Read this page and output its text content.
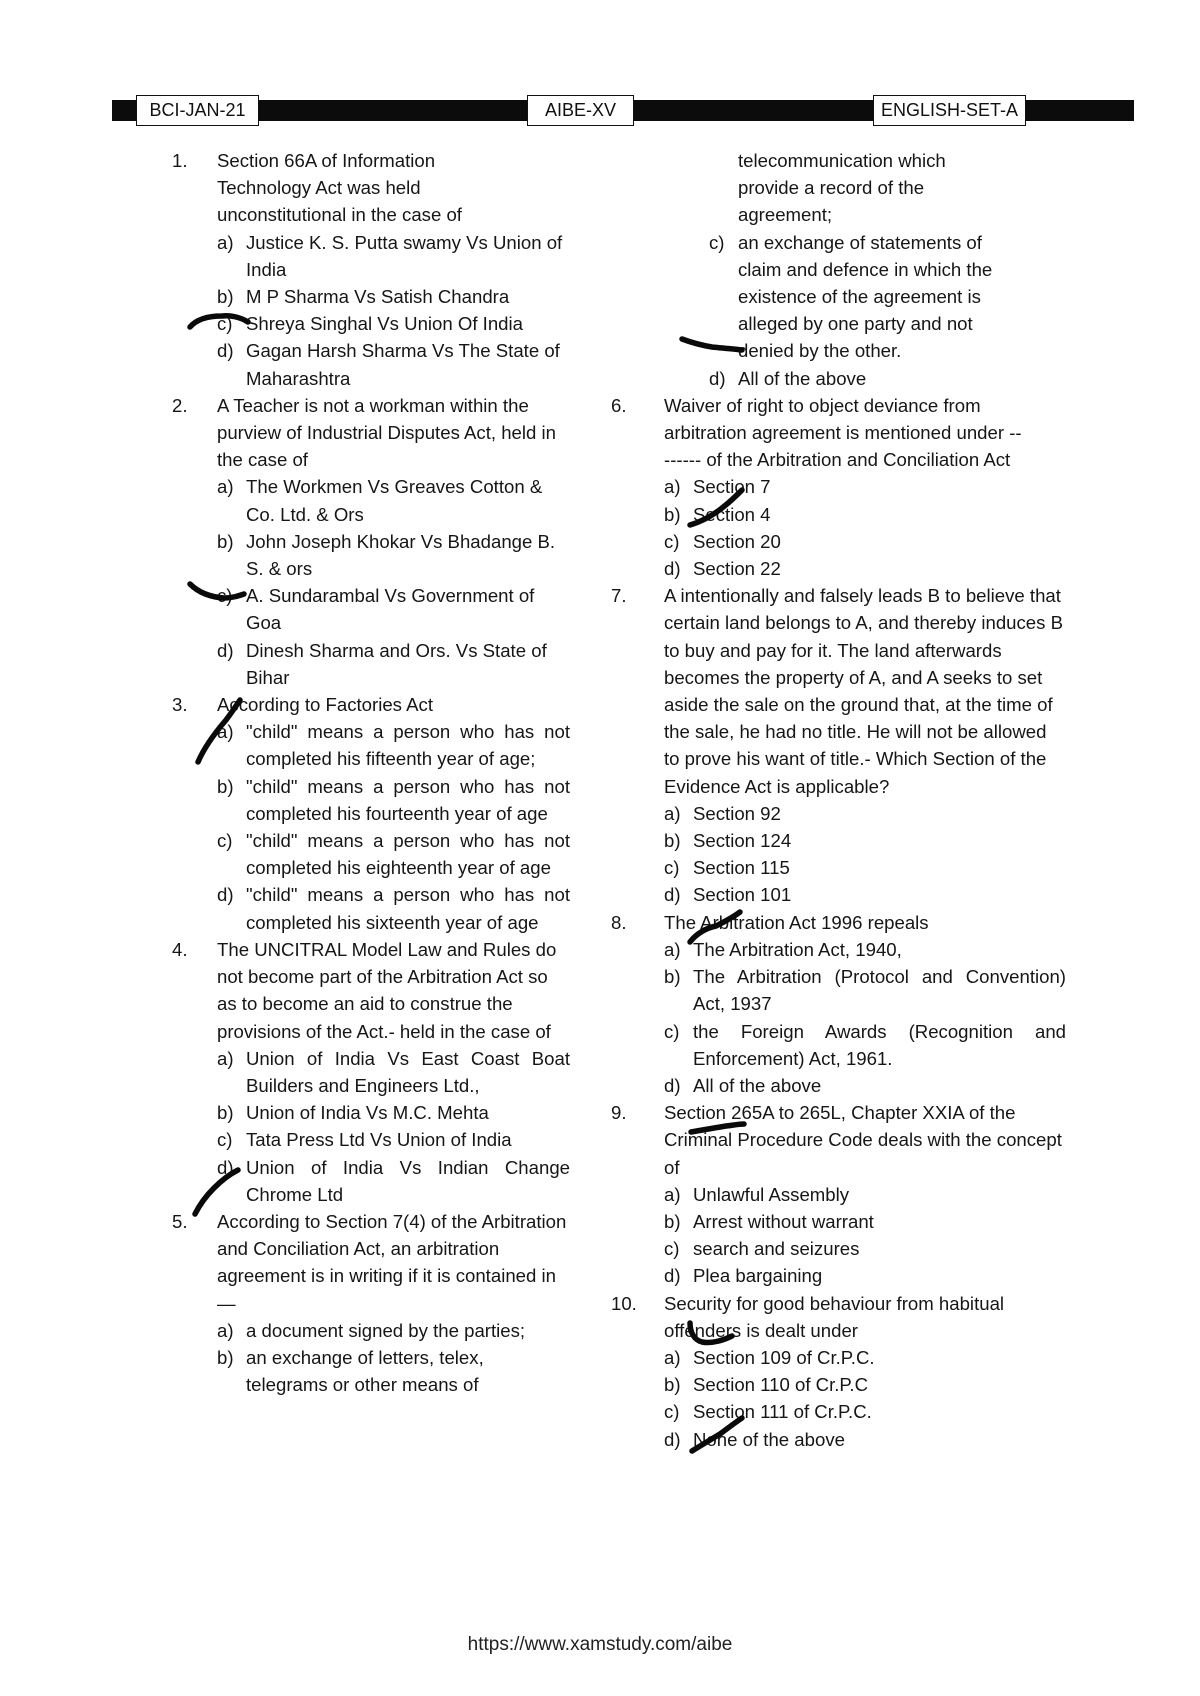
BCI-JAN-21	AIBE-XV	ENGLISH-SET-A
1. Section 66A of Information Technology Act was held unconstitutional in the case of
a) Justice K. S. Putta swamy Vs Union of India
b) M P Sharma Vs Satish Chandra
c) Shreya Singhal Vs Union Of India
d) Gagan Harsh Sharma Vs The State of Maharashtra
2. A Teacher is not a workman within the purview of Industrial Disputes Act, held in the case of
a) The Workmen Vs Greaves Cotton & Co. Ltd. & Ors
b) John Joseph Khokar Vs Bhadange B. S. & ors
c) A. Sundarambal Vs Government of Goa
d) Dinesh Sharma and Ors. Vs State of Bihar
3. According to Factories Act
a) "child" means a person who has not completed his fifteenth year of age;
b) "child" means a person who has not completed his fourteenth year of age
c) "child" means a person who has not completed his eighteenth year of age
d) "child" means a person who has not completed his sixteenth year of age
4. The UNCITRAL Model Law and Rules do not become part of the Arbitration Act so as to become an aid to construe the provisions of the Act.- held in the case of
a) Union of India Vs East Coast Boat Builders and Engineers Ltd.,
b) Union of India Vs M.C. Mehta
c) Tata Press Ltd Vs Union of India
d) Union of India Vs Indian Change Chrome Ltd
5. According to Section 7(4) of the Arbitration and Conciliation Act, an arbitration agreement is in writing if it is contained in—
a) a document signed by the parties;
b) an exchange of letters, telex, telegrams or other means of
telecommunication which provide a record of the agreement;
c) an exchange of statements of claim and defence in which the existence of the agreement is alleged by one party and not denied by the other.
d) All of the above
6. Waiver of right to object deviance from arbitration agreement is mentioned under -------- of the Arbitration and Conciliation Act
a) Section 7
b) Section 4
c) Section 20
d) Section 22
7. A intentionally and falsely leads B to believe that certain land belongs to A, and thereby induces B to buy and pay for it. The land afterwards becomes the property of A, and A seeks to set aside the sale on the ground that, at the time of the sale, he had no title. He will not be allowed to prove his want of title.- Which Section of the Evidence Act is applicable?
a) Section 92
b) Section 124
c) Section 115
d) Section 101
8. The Arbitration Act 1996 repeals
a) The Arbitration Act, 1940,
b) The Arbitration (Protocol and Convention) Act, 1937
c) the Foreign Awards (Recognition and Enforcement) Act, 1961.
d) All of the above
9. Section 265A to 265L, Chapter XXIA of the Criminal Procedure Code deals with the concept of
a) Unlawful Assembly
b) Arrest without warrant
c) search and seizures
d) Plea bargaining
10. Security for good behaviour from habitual offenders is dealt under
a) Section 109 of Cr.P.C.
b) Section 110 of Cr.P.C
c) Section 111 of Cr.P.C.
d) None of the above
https://www.xamstudy.com/aibe
